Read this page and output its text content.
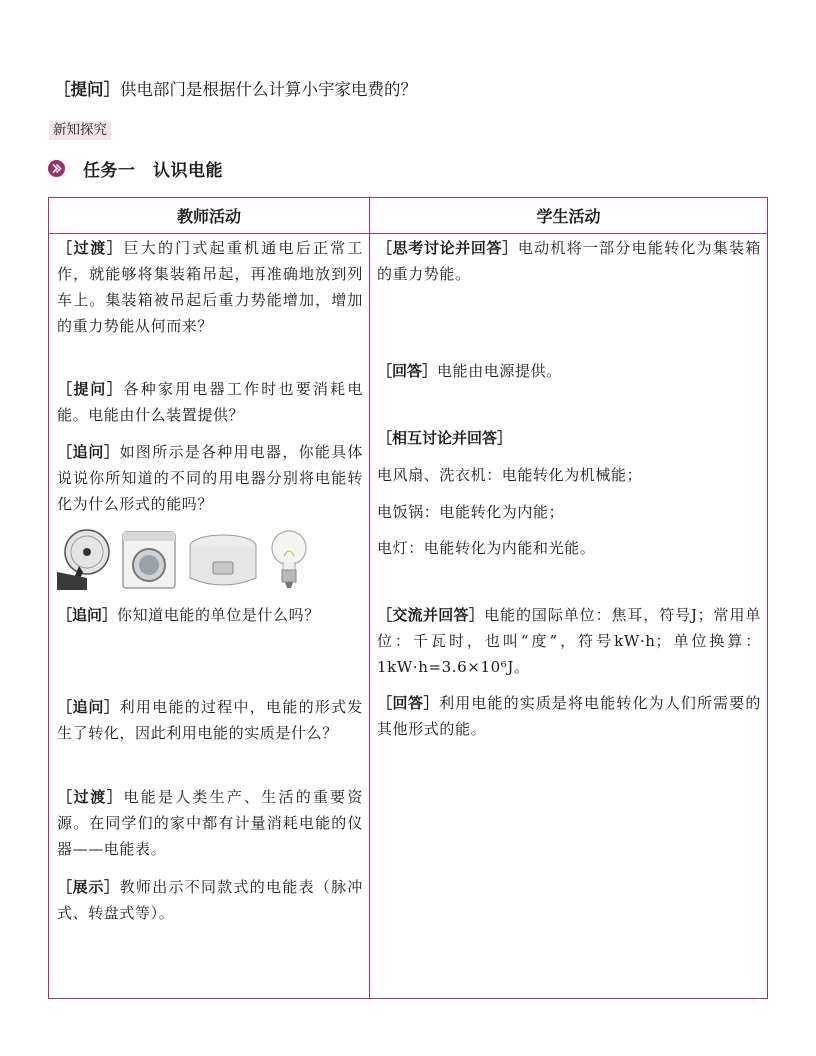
［提问］供电部门是根据什么计算小宇家电费的？
新知探究
任务一　认识电能
教师活动	学生活动
［过渡］巨大的门式起重机通电后正常工作，就能够将集装箱吊起，再准确地放到列车上。集装箱被吊起后重力势能增加，增加的重力势能从何而来？
［提问］各种家用电器工作时也要消耗电能。电能由什么装置提供？
［追问］如图所示是各种用电器，你能具体说说你所知道的不同的用电器分别将电能转化为什么形式的能吗？
［追问］你知道电能的单位是什么吗？
［追问］利用电能的过程中，电能的形式发生了转化，因此利用电能的实质是什么？
［过渡］电能是人类生产、生活的重要资源。在同学们的家中都有计量消耗电能的仪器——电能表。
［展示］教师出示不同款式的电能表（脉冲式、转盘式等）。
［思考讨论并回答］电动机将一部分电能转化为集装箱的重力势能。
［回答］电能由电源提供。
［相互讨论并回答］
电风扇、洗衣机：电能转化为机械能；
电饭锅：电能转化为内能；
电灯：电能转化为内能和光能。
［交流并回答］电能的国际单位：焦耳，符号J；常用单位：千瓦时，也叫“度”，符号kW·h；单位换算：1kW·h=3.6×10⁶J。
［回答］利用电能的实质是将电能转化为人们所需要的其他形式的能。
